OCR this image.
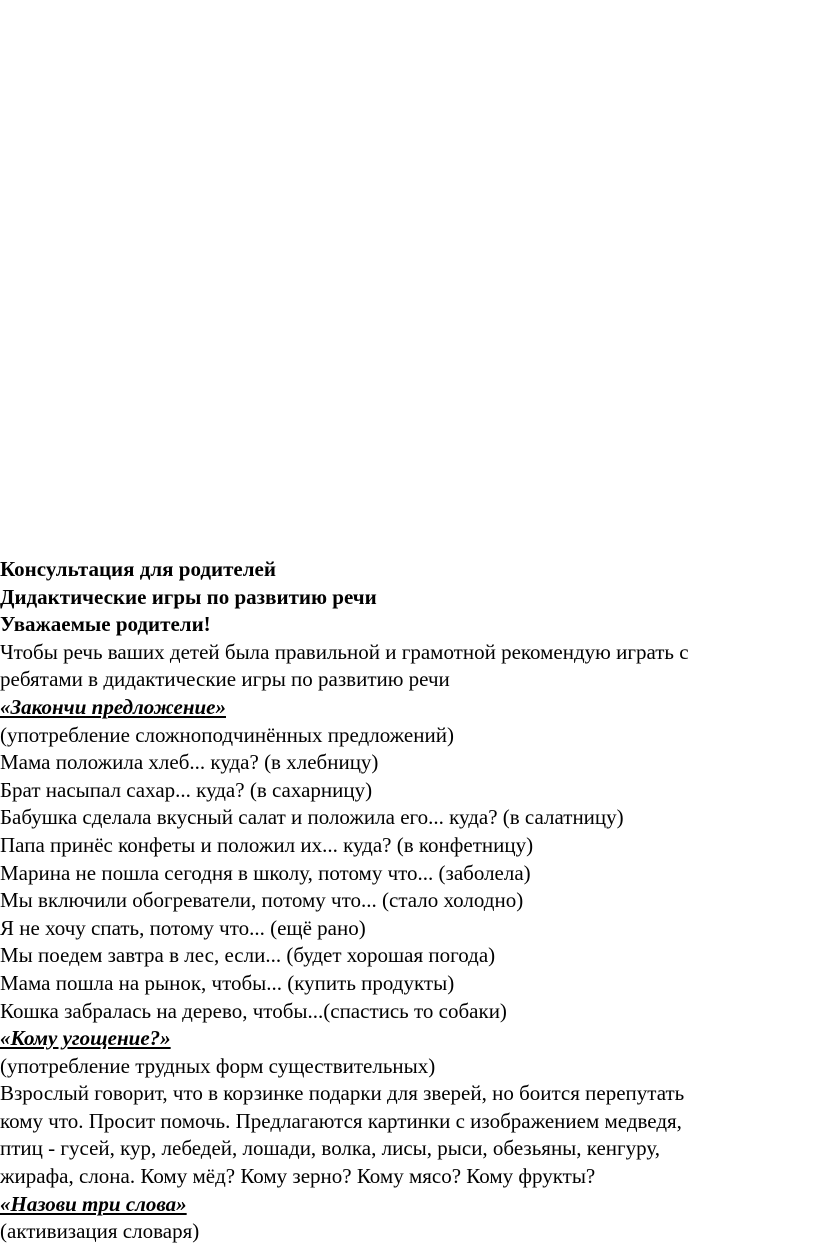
Консультация для родителей
Дидактические игры по развитию речи
Уважаемые родители!
Чтобы речь ваших детей была правильной и грамотной рекомендую играть с
ребятами в дидактические игры по развитию речи
«Закончи предложение»
(употребление сложноподчинённых предложений)
Мама положила хлеб... куда? (в хлебницу)
Брат насыпал сахар... куда? (в сахарницу)
Бабушка сделала вкусный салат и положила его... куда? (в салатницу)
Папа принёс конфеты и положил их... куда? (в конфетницу)
Марина не пошла сегодня в школу, потому что... (заболела)
Мы включили обогреватели, потому что... (стало холодно)
Я не хочу спать, потому что... (ещё рано)
Мы поедем завтра в лес, если... (будет хорошая погода)
Мама пошла на рынок, чтобы... (купить продукты)
Кошка забралась на дерево, чтобы...(спастись то собаки)
«Кому угощение?»
(употребление трудных форм существительных)
Взрослый говорит, что в корзинке подарки для зверей, но боится перепутать
кому что. Просит помочь. Предлагаются картинки с изображением медведя,
птиц - гусей, кур, лебедей, лошади, волка, лисы, рыси, обезьяны, кенгуру,
жирафа, слона. Кому мёд? Кому зерно? Кому мясо? Кому фрукты?
«Назови три слова»
(активизация словаря)
